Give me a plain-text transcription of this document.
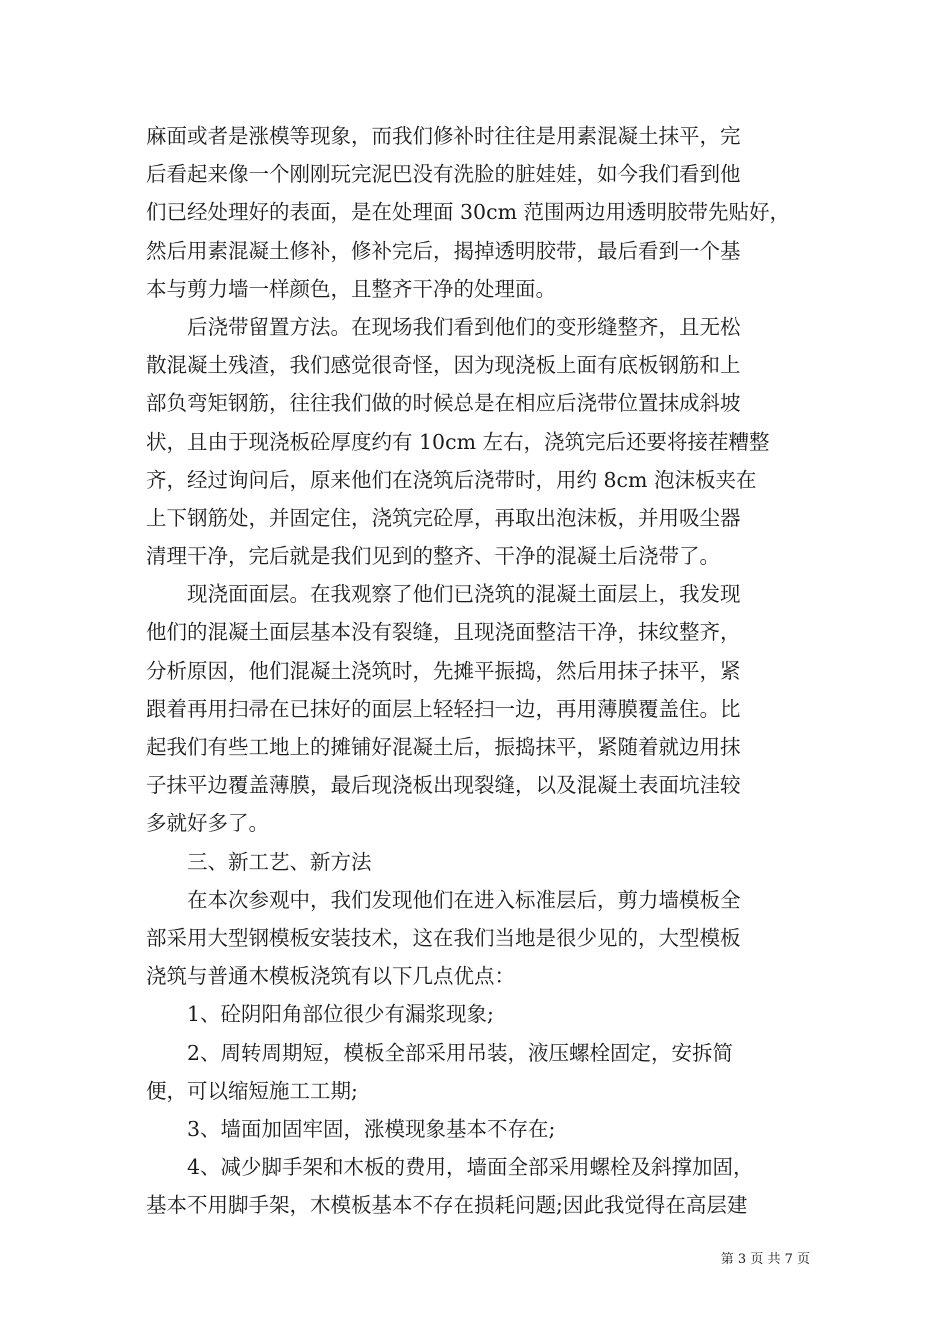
麻面或者是涨模等现象，而我们修补时往往是用素混凝土抹平，完
后看起来像一个刚刚玩完泥巴没有洗脸的脏娃娃，如今我们看到他
们已经处理好的表面，是在处理面 30cm 范围两边用透明胶带先贴好，
然后用素混凝土修补，修补完后，揭掉透明胶带，最后看到一个基
本与剪力墙一样颜色，且整齐干净的处理面。
　　后浇带留置方法。在现场我们看到他们的变形缝整齐，且无松
散混凝土残渣，我们感觉很奇怪，因为现浇板上面有底板钢筋和上
部负弯矩钢筋，往往我们做的时候总是在相应后浇带位置抹成斜坡
状，且由于现浇板砼厚度约有 10cm 左右，浇筑完后还要将接茬糟整
齐，经过询问后，原来他们在浇筑后浇带时，用约 8cm 泡沫板夹在
上下钢筋处，并固定住，浇筑完砼厚，再取出泡沫板，并用吸尘器
清理干净，完后就是我们见到的整齐、干净的混凝土后浇带了。
　　现浇面面层。在我观察了他们已浇筑的混凝土面层上，我发现
他们的混凝土面层基本没有裂缝，且现浇面整洁干净，抹纹整齐，
分析原因，他们混凝土浇筑时，先摊平振捣，然后用抹子抹平，紧
跟着再用扫帚在已抹好的面层上轻轻扫一边，再用薄膜覆盖住。比
起我们有些工地上的摊铺好混凝土后，振捣抹平，紧随着就边用抹
子抹平边覆盖薄膜，最后现浇板出现裂缝，以及混凝土表面坑洼较
多就好多了。
　　三、新工艺、新方法
　　在本次参观中，我们发现他们在进入标准层后，剪力墙模板全
部采用大型钢模板安装技术，这在我们当地是很少见的，大型模板
浇筑与普通木模板浇筑有以下几点优点：
　　1、砼阴阳角部位很少有漏浆现象;
　　2、周转周期短，模板全部采用吊装，液压螺栓固定，安拆简
便，可以缩短施工工期;
　　3、墙面加固牢固，涨模现象基本不存在;
　　4、减少脚手架和木板的费用，墙面全部采用螺栓及斜撑加固，
基本不用脚手架，木模板基本不存在损耗问题;因此我觉得在高层建
第 3 页 共 7 页
